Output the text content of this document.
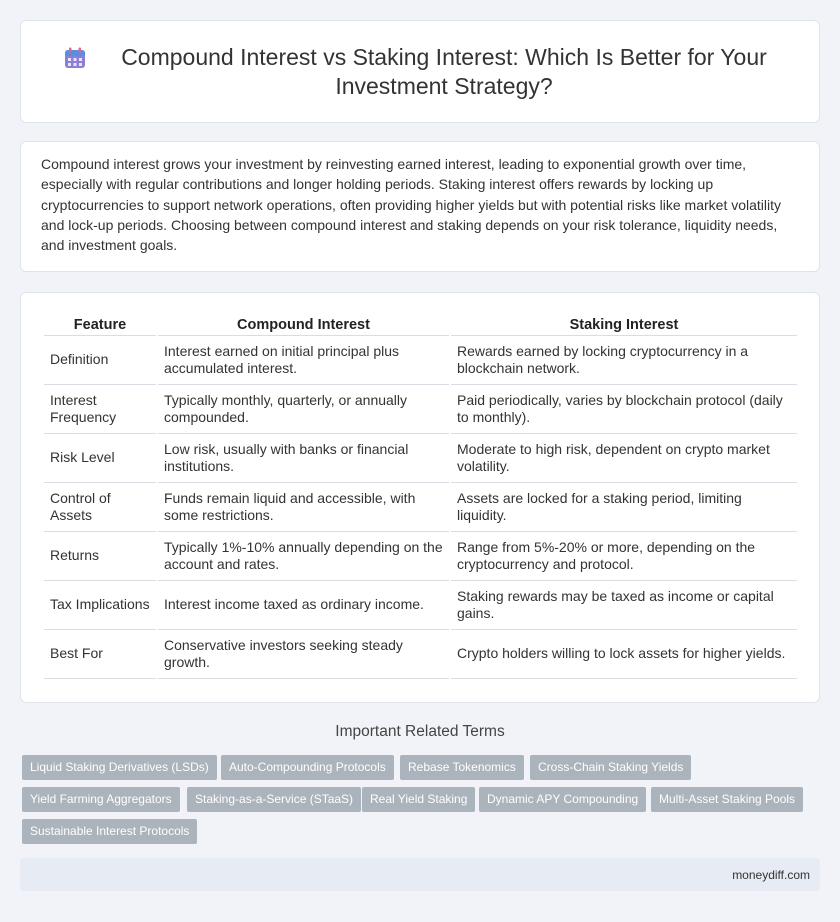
Compound Interest vs Staking Interest: Which Is Better for Your Investment Strategy?

Compound interest grows your investment by reinvesting earned interest, leading to exponential growth over time, especially with regular contributions and longer holding periods. Staking interest offers rewards by locking up cryptocurrencies to support network operations, often providing higher yields but with potential risks like market volatility and lock-up periods. Choosing between compound interest and staking depends on your risk tolerance, liquidity needs, and investment goals.

Feature	Compound Interest	Staking Interest
Definition	Interest earned on initial principal plus accumulated interest.	Rewards earned by locking cryptocurrency in a blockchain network.
Interest Frequency	Typically monthly, quarterly, or annually compounded.	Paid periodically, varies by blockchain protocol (daily to monthly).
Risk Level	Low risk, usually with banks or financial institutions.	Moderate to high risk, dependent on crypto market volatility.
Control of Assets	Funds remain liquid and accessible, with some restrictions.	Assets are locked for a staking period, limiting liquidity.
Returns	Typically 1%-10% annually depending on the account and rates.	Range from 5%-20% or more, depending on the cryptocurrency and protocol.
Tax Implications	Interest income taxed as ordinary income.	Staking rewards may be taxed as income or capital gains.
Best For	Conservative investors seeking steady growth.	Crypto holders willing to lock assets for higher yields.
Important Related Terms
Liquid Staking Derivatives (LSDs)	Auto-Compounding Protocols	Rebase Tokenomics	Cross-Chain Staking Yields
Yield Farming Aggregators	Staking-as-a-Service (STaaS)	Real Yield Staking	Dynamic APY Compounding	Multi-Asset Staking Pools
Sustainable Interest Protocols
moneydiff.com
